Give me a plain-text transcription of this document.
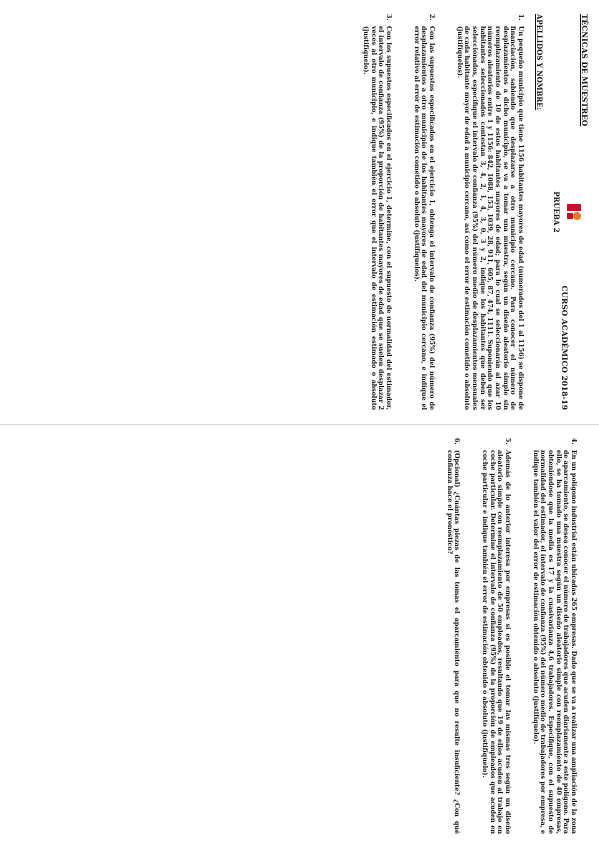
TÉCNICAS DE MUESTREO
CURSO ACADÉMICO 2018-19
PRUEBA 2
APELLIDOS Y NOMBRE:
1.
Un pequeño municipio que tiene 1156 habitantes mayores de edad (numerados del 1 al 1156) se dispone de financiación, sabiendo que desplazarse a otro municipio cercano. Para conocer el número de desplazamientos a dicho municipio, se va a tomar una muestra, según un diseño aleatorio simple sin reemplazamiento de 10 de estos habitantes mayores de edad; para lo cual se seleccionarán al azar 10 números aleatorios entre 1 y 1156: 842, 1088, 153, 1039, 28, 911, 605, 87, 474, 1111. Suponiendo que los habitantes seleccionados contestan 3, 4, 2, 1, 4, 3, 0, 3 y 2, indique los habitantes que deben ser seleccionados, especifique el intervalo de confianza (95%) del número medio de desplazamientos mensuales de cada habitante mayor de edad a municipio cercano, así como el error de estimación cometido o absoluto (justifíquelos).
2.
Con las supuestos especificados en el ejercicio 1, obtenga el intervalo de confianza (95%) del número de desplazamientos a otro municipio de los habitantes mayores de edad del municipio cercano, e indique el error relativo al error de estimación cometido o absoluto (justifíquelos).
3.
Con los supuestos especificados en el ejercicio 1, determine, con el supuesto de normalidad del estimador, el intervalo de confianza (95%) de la proporción de habitantes mayores de edad que se suelen desplazar 2 veces al otro municipio, e indique también el error que el intervalo de estimación estimado o absoluto (justifíquelo).
4.
En un polígono industrial están ubicadas 265 empresas. Dado que se va a realizar una ampliación de la zona de aparcamiento, se desea conocer el número de trabajadores que acuden diariamente a este polígono. Para ello, se ha tomado una muestra según un diseño aleatorio simple con reemplazamiento de 40 empresas, obteniéndose que la media es 17 y la cuasivarianza 4,6 trabajadores. Especifique, con el supuesto de normalidad del estimador, el intervalo de confianza (95%) del número medio de trabajadores por empresa, e indique también el valor del error de estimación obtenido o absoluto (justifíquelo).
5.
Además de lo anterior interesa por empresas si es posible el tomar las mismas tres según un diseño aleatorio simple con reemplazamiento de 50 empleados, resultando que 19 de ellos acuden al trabajo en coche particular. Determine el intervalo de confianza (95%) de la proporción de empleados que acuden en coche particular e indique también el error de estimación obtenido o absoluto (justifíquelo).
6.
(Opcional) ¿Cuántas piezas de las tomas el aparcamiento para que no resulte insuficiente? ¿Con qué confianza hace el pronóstico?
